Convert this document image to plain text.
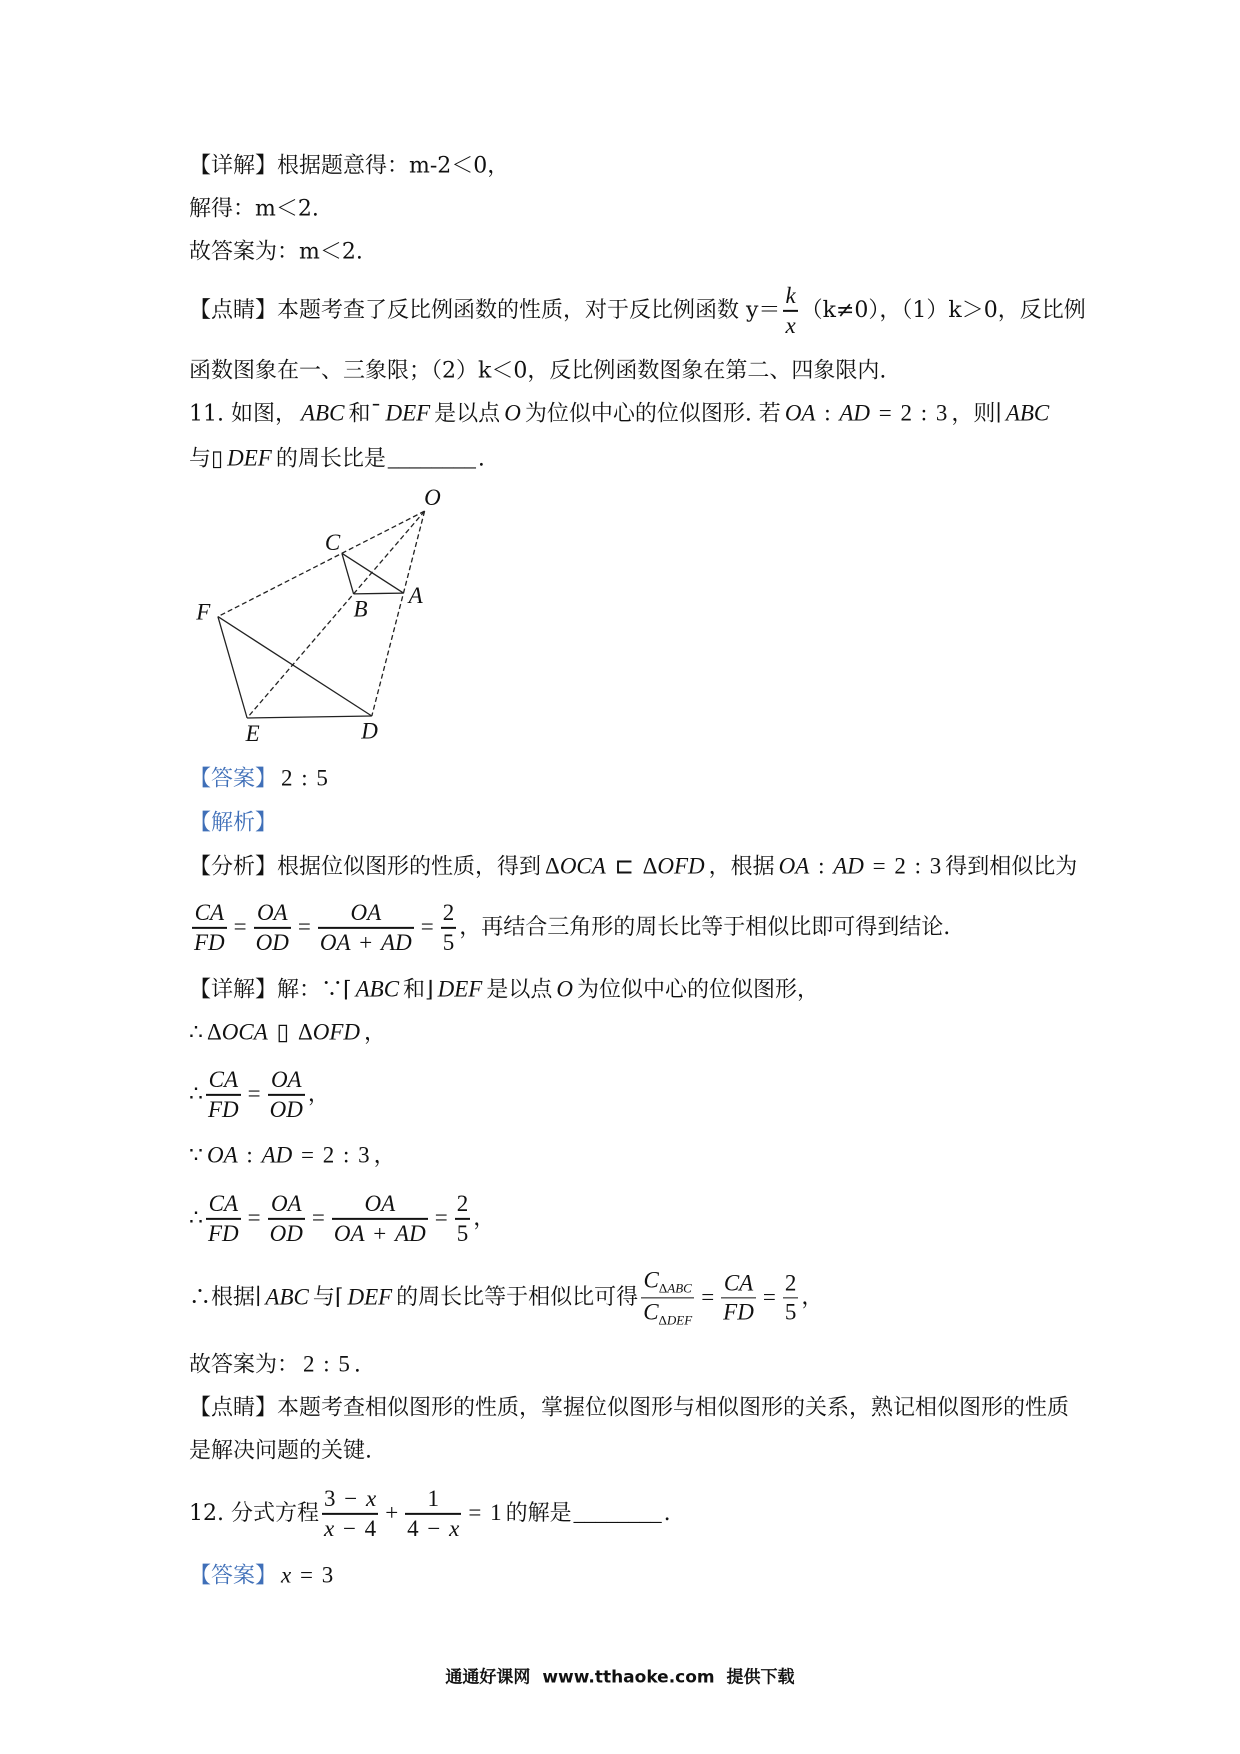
【详解】根据题意得：m-2＜0，
解得：m＜2.
故答案为：m＜2.
【点睛】本题考查了反比例函数的性质，对于反比例函数 $y= \frac{k}{x} (k\ne 0)$，（1）k＞0，反比例
函数图象在一、三象限；（2）k＜0，反比例函数图象在第二、四象限内.
11. 如图， ABC 和¯ DEF 是以点 O 为位似中心的位似图形. 若 OA : AD = 2 : 3 ，则∣ ABC
与▯ DEF 的周长比是________.
O
C
A
B
F
E	D
【答案】 2 : 5
【解析】
【分析】根据位似图形的性质，得到 ΔOCA ⊏ ΔOFD ，根据 OA : AD = 2 : 3 得到相似比为
$\frac{CA}{FD} = \frac{OA}{OD} = \frac{OA}{OA + AD} = \frac{2}{5}$ ，再结合三角形的周长比等于相似比即可得到结论.
【详解】解：∵⌈ ABC 和⌋ DEF 是以点 O 为位似中心的位似图形，
∴ ΔOCA ▯ ΔOFD ，
∴ $\frac{CA}{FD} = \frac{OA}{OD}$ ，
∵ OA : AD = 2 : 3 ，
∴ $\frac{CA}{FD} = \frac{OA}{OD} = \frac{OA}{OA + AD} = \frac{2}{5}$ ，
∴根据∣ ABC 与⌈ DEF 的周长比等于相似比可得 $\frac{C_{\Delta ABC}}{C_{\Delta DEF}} = \frac{CA}{FD} = \frac{2}{5}$ ，
故答案为： 2 : 5 .
【点睛】本题考查相似图形的性质，掌握位似图形与相似图形的关系，熟记相似图形的性质
是解决问题的关键.
12. 分式方程 $\frac{3 - x}{x - 4} + \frac{1}{4 - x} = 1$ 的解是________.
【答案】 x = 3
通通好课网 www.tthaoke.com 提供下载
